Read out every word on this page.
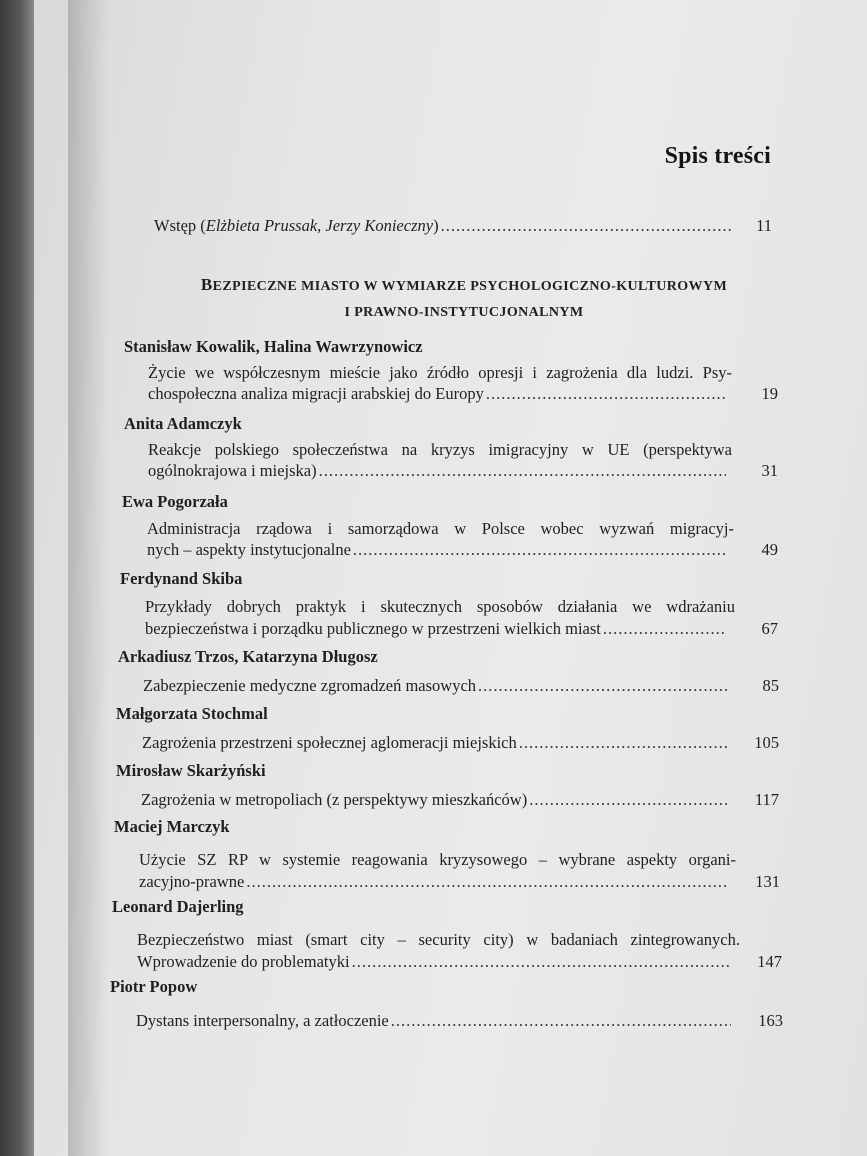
Spis treści
Wstęp (Elżbieta Prussak, Jerzy Konieczny) .....	11
BEZPIECZNE MIASTO W WYMIARZE PSYCHOLOGICZNO-KULTUROWYM
I PRAWNO-INSTYTUCJONALNYM
Stanisław Kowalik, Halina Wawrzynowicz
Życie we współczesnym mieście jako źródło opresji i zagrożenia dla ludzi. Psy-
chospołeczna analiza migracji arabskiej do Europy .....	19
Anita Adamczyk
Reakcje polskiego społeczeństwa na kryzys imigracyjny w UE (perspektywa
ogólnokrajowa i miejska) .....	31
Ewa Pogorzała
Administracja rządowa i samorządowa w Polsce wobec wyzwań migracyj-
nych – aspekty instytucjonalne .....	49
Ferdynand Skiba
Przykłady dobrych praktyk i skutecznych sposobów działania we wdrażaniu
bezpieczeństwa i porządku publicznego w przestrzeni wielkich miast .....	67
Arkadiusz Trzos, Katarzyna Długosz
Zabezpieczenie medyczne zgromadzeń masowych .....	85
Małgorzata Stochmal
Zagrożenia przestrzeni społecznej aglomeracji miejskich .....	105
Mirosław Skarżyński
Zagrożenia w metropoliach (z perspektywy mieszkańców) .....	117
Maciej Marczyk
Użycie SZ RP w systemie reagowania kryzysowego – wybrane aspekty organi-
zacyjno-prawne .....	131
Leonard Dajerling
Bezpieczeństwo miast (smart city – security city) w badaniach zintegrowanych.
Wprowadzenie do problematyki .....	147
Piotr Popow
Dystans interpersonalny, a zatłoczenie .....	163
